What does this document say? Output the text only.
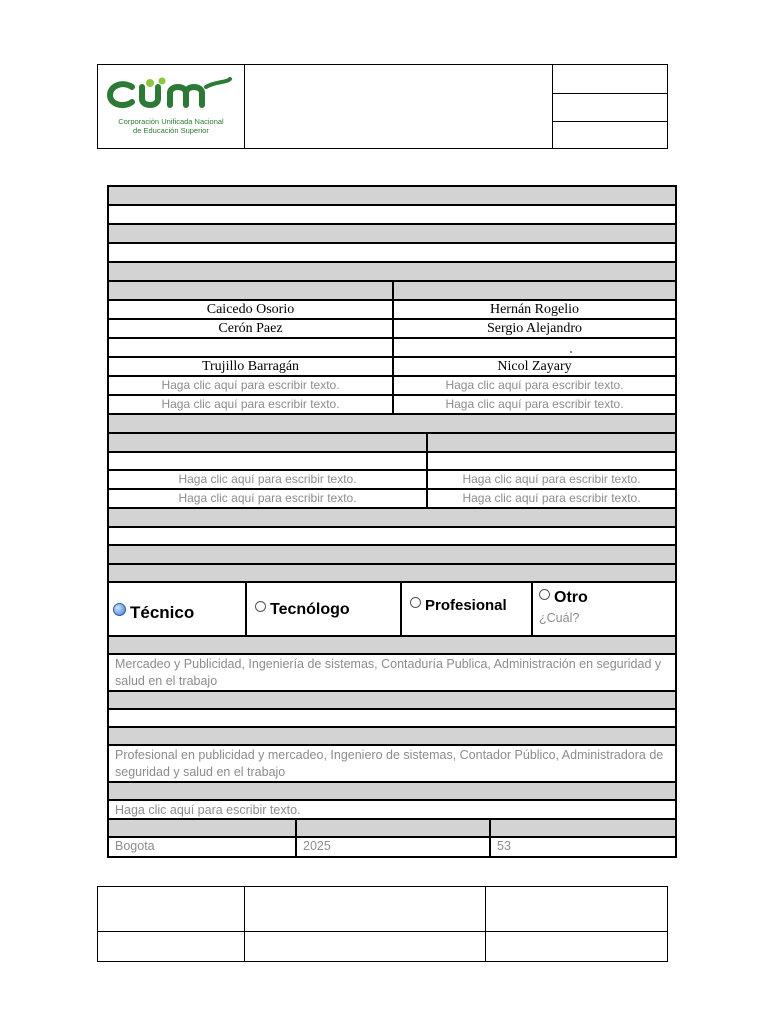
Corporación Unificada Nacional
de Educación Superior
Caicedo Osorio	Hernán Rogelio
Cerón Paez	Sergio Alejandro
Trujillo Barragán	Nicol Zayary
Haga clic aquí para escribir texto.	Haga clic aquí para escribir texto.
Haga clic aquí para escribir texto.	Haga clic aquí para escribir texto.
Haga clic aquí para escribir texto.	Haga clic aquí para escribir texto.
Haga clic aquí para escribir texto.	Haga clic aquí para escribir texto.
Técnico	Tecnólogo	Profesional	Otro
¿Cuál?
Mercadeo y Publicidad, Ingeniería de sistemas, Contaduría Publica, Administración en seguridad y salud en el trabajo
Profesional en publicidad y mercadeo, Ingeniero de sistemas, Contador Público, Administradora de seguridad y salud en el trabajo
Haga clic aquí para escribir texto.
Bogota	2025	53
